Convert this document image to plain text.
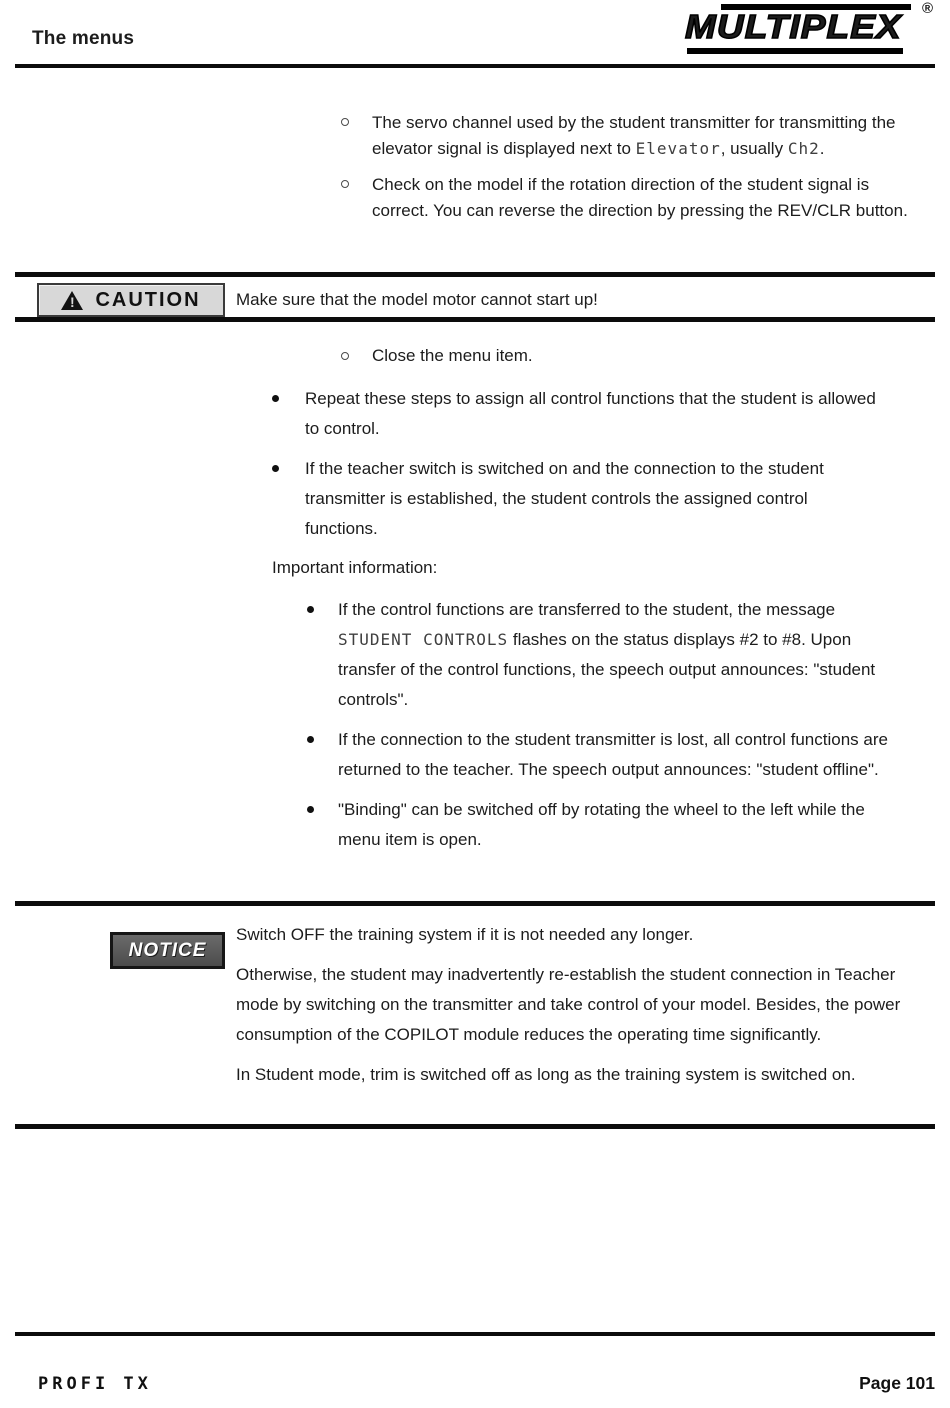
The menus	MULTIPLEX ®

The servo channel used by the student transmitter for transmitting the elevator signal is displayed next to Elevator, usually Ch2.

Check on the model if the rotation direction of the student signal is correct. You can reverse the direction by pressing the REV/CLR button.

!
CAUTION Make sure that the model motor cannot start up!

Close the menu item.

Repeat these steps to assign all control functions that the student is allowed to control.

If the teacher switch is switched on and the connection to the student transmitter is established, the student controls the assigned control functions.

Important information:

If the control functions are transferred to the student, the message STUDENT CONTROLS flashes on the status displays #2 to #8. Upon transfer of the control functions, the speech output announces: "student controls".

If the connection to the student transmitter is lost, all control functions are returned to the teacher. The speech output announces: "student offline".

"Binding" can be switched off by rotating the wheel to the left while the menu item is open.

NOTICE

Switch OFF the training system if it is not needed any longer.

Otherwise, the student may inadvertently re-establish the student connection in Teacher mode by switching on the transmitter and take control of your model. Besides, the power consumption of the COPILOT module reduces the operating time significantly.

In Student mode, trim is switched off as long as the training system is switched on.

PROFI TX	Page 101
